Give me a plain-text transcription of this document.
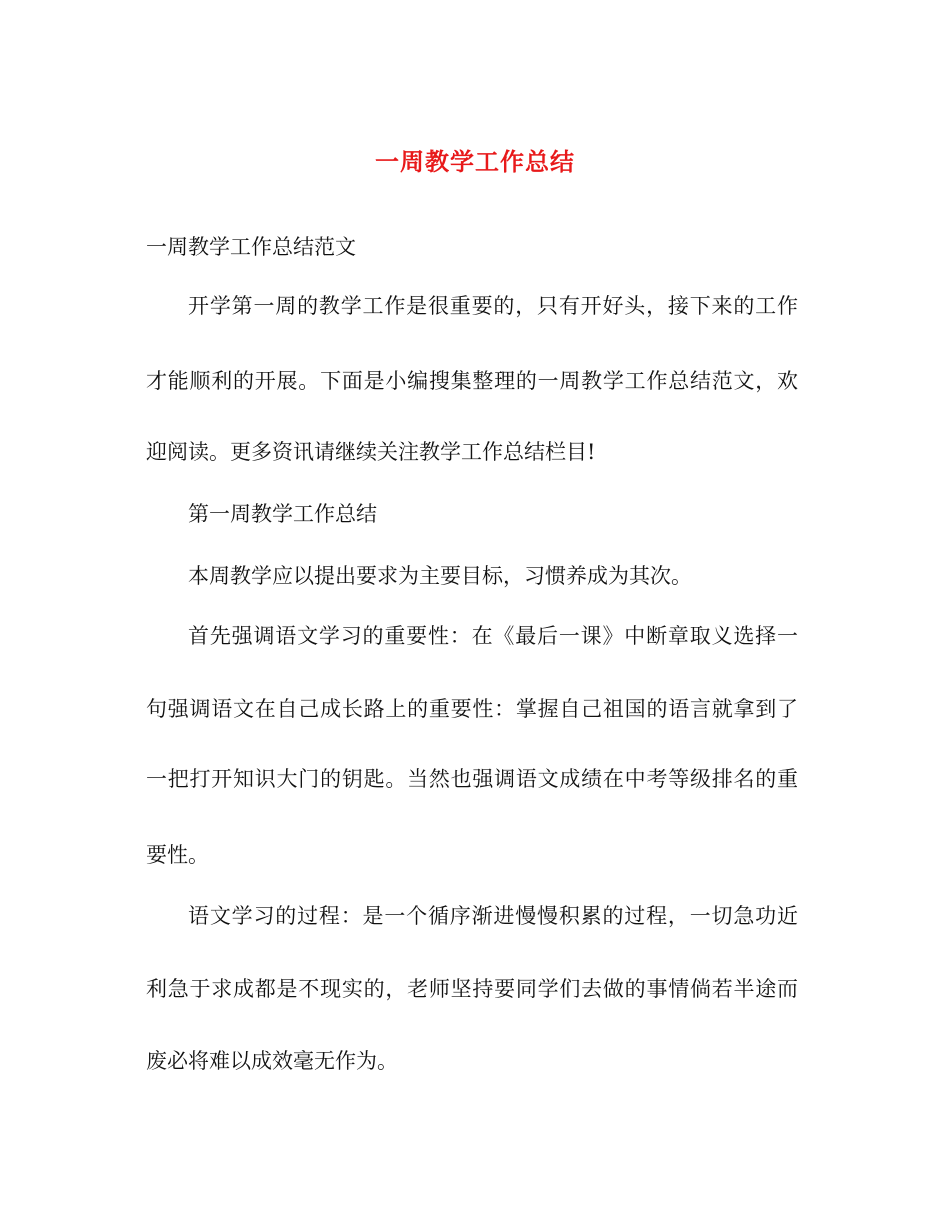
一周教学工作总结
一周教学工作总结范文
开学第一周的教学工作是很重要的，只有开好头，接下来的工作
才能顺利的开展。下面是小编搜集整理的一周教学工作总结范文，欢
迎阅读。更多资讯请继续关注教学工作总结栏目!
第一周教学工作总结
本周教学应以提出要求为主要目标，习惯养成为其次。
首先强调语文学习的重要性：在《最后一课》中断章取义选择一
句强调语文在自己成长路上的重要性：掌握自己祖国的语言就拿到了
一把打开知识大门的钥匙。当然也强调语文成绩在中考等级排名的重
要性。
语文学习的过程：是一个循序渐进慢慢积累的过程，一切急功近
利急于求成都是不现实的，老师坚持要同学们去做的事情倘若半途而
废必将难以成效毫无作为。
